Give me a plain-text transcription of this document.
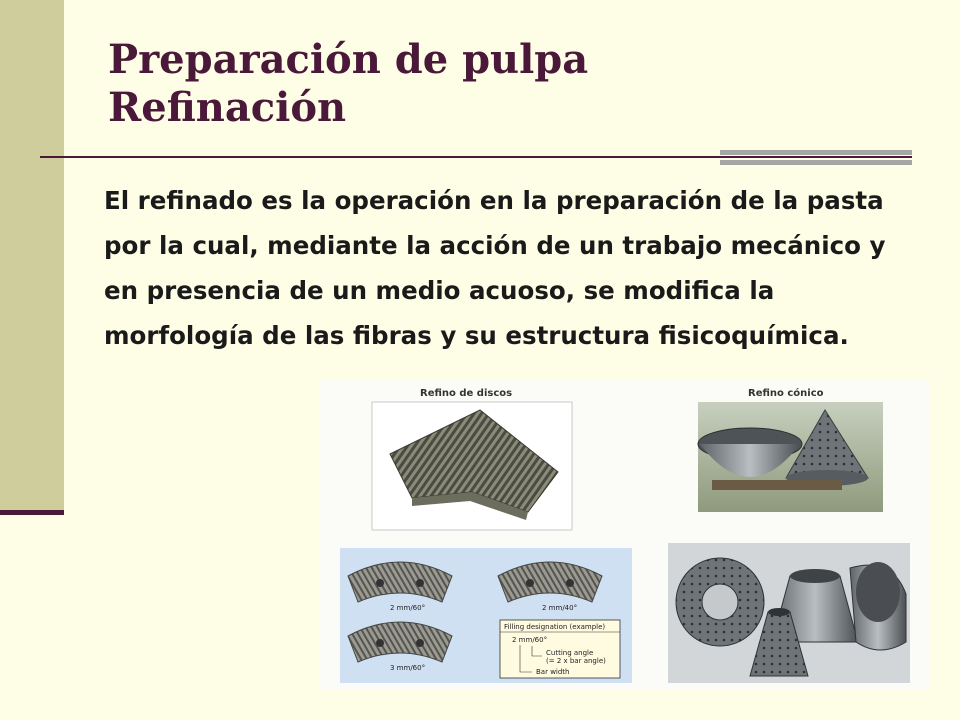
Preparación de pulpa
Refinación

El refinado es la operación en la preparación de la pasta por la cual, mediante la acción de un trabajo mecánico y en presencia de un medio acuoso, se modifica la morfología de las fibras y su estructura fisicoquímica.

Refino de discos	Refino cónico
2 mm/60°	2 mm/40°
3 mm/60°
Filling designation (example)
2 mm/60°
Cutting angle
(= 2 x bar angle)
Bar width
